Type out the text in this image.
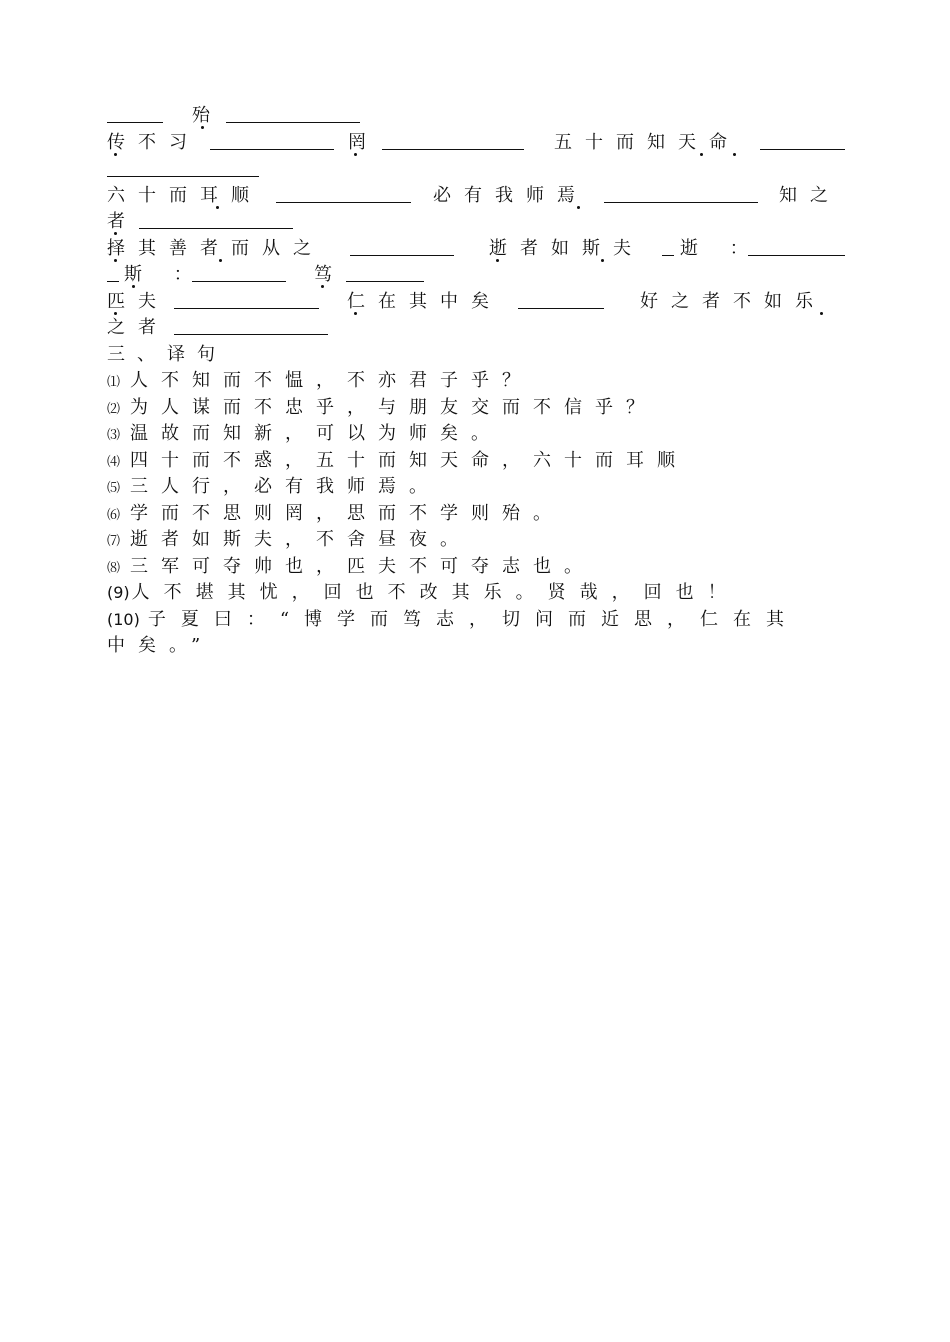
殆
传不习	罔	五十而知天命
六十而耳顺	必有我师焉	知之
者
择其善者而从之	逝者如斯夫 逝 ：
斯 ：	笃
匹夫	仁在其中矣	好之者不如乐
之者
三、译句
⑴ 人不知而不愠，不亦君子乎？
⑵ 为人谋而不忠乎，与朋友交而不信乎？
⑶ 温故而知新，可以为师矣。
⑷ 四十而不惑，五十而知天命，六十而耳顺
⑸ 三人行，必有我师焉。
⑹ 学而不思则罔，思而不学则殆。
⑺ 逝者如斯夫，不舍昼夜。
⑻ 三军可夺帅也，匹夫不可夺志也。
(9) 人不堪其忧，回也不改其乐。贤哉，回也！
(10) 子夏曰：“博学而笃志，切问而近思，仁在其
中矣。”
